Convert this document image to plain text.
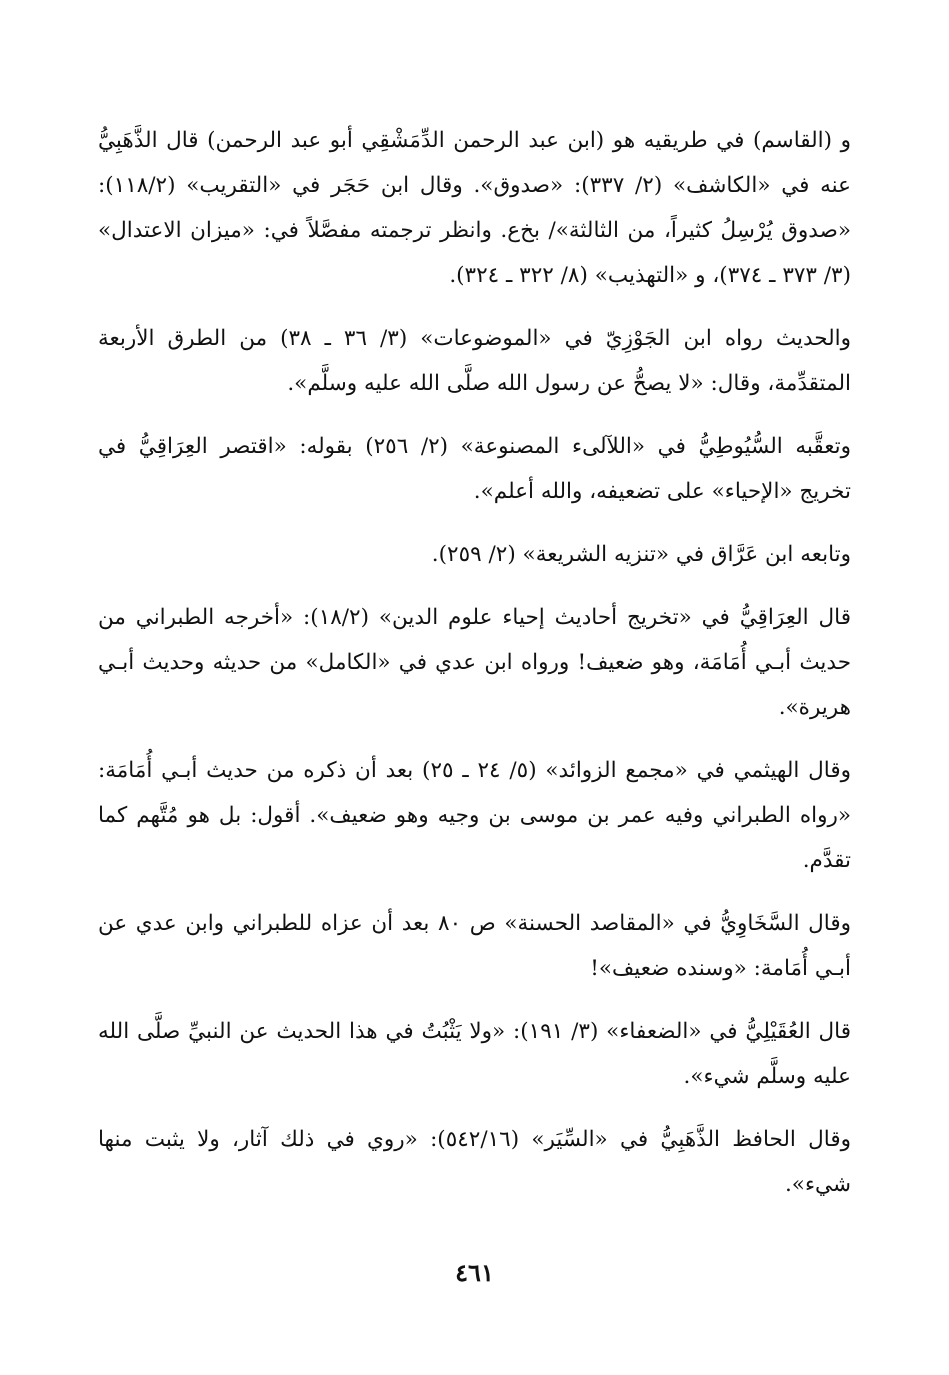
و (القاسم) في طريقيه هو (ابن عبد الرحمن الدِّمَشْقِي أبو عبد الرحمن) قال الذَّهَبِيُّ عنه في «الكاشف» (٢/ ٣٣٧): «صدوق». وقال ابن حَجَر في «التقريب» (١١٨/٢): «صدوق يُرْسِلُ كثيراً، من الثالثة»/ بخ‌ع. وانظر ترجمته مفصَّلاً في: «ميزان الاعتدال» (٣/ ٣٧٣ ـ ٣٧٤)، و «التهذيب» (٨/ ٣٢٢ ـ ٣٢٤).

والحديث رواه ابن الجَوْزِيّ في «الموضوعات» (٣/ ٣٦ ـ ٣٨) من الطرق الأربعة المتقدِّمة، وقال: «لا يصحُّ عن رسول الله صلَّى الله عليه وسلَّم».

وتعقَّبه السُّيُوطِيُّ في «اللآلىء المصنوعة» (٢/ ٢٥٦) بقوله: «اقتصر العِرَاقِيُّ في تخريج «الإحياء» على تضعيفه، والله أعلم».

وتابعه ابن عَرَّاق في «تنزيه الشريعة» (٢/ ٢٥٩).

قال العِرَاقِيُّ في «تخريج أحاديث إحياء علوم الدين» (١٨/٢): «أخرجه الطبراني من حديث أبـي أُمَامَة، وهو ضعيف! ورواه ابن عدي في «الكامل» من حديثه وحديث أبـي هريرة».

وقال الهيثمي في «مجمع الزوائد» (٥/ ٢٤ ـ ٢٥) بعد أن ذكره من حديث أبـي أُمَامَة: «رواه الطبراني وفيه عمر بن موسى بن وجيه وهو ضعيف». أقول: بل هو مُتَّهم كما تقدَّم.

وقال السَّخَاوِيُّ في «المقاصد الحسنة» ص ٨٠ بعد أن عزاه للطبراني وابن عدي عن أبـي أُمَامة: «وسنده ضعيف»!

قال العُقَيْلِيُّ في «الضعفاء» (٣/ ١٩١): «ولا يَثْبُتُ في هذا الحديث عن النبيِّ صلَّى الله عليه وسلَّم شيء».

وقال الحافظ الذَّهَبِيُّ في «السِّيَر» (٥٤٢/١٦): «روي في ذلك آثار، ولا يثبت منها شيء».

٤٦١
